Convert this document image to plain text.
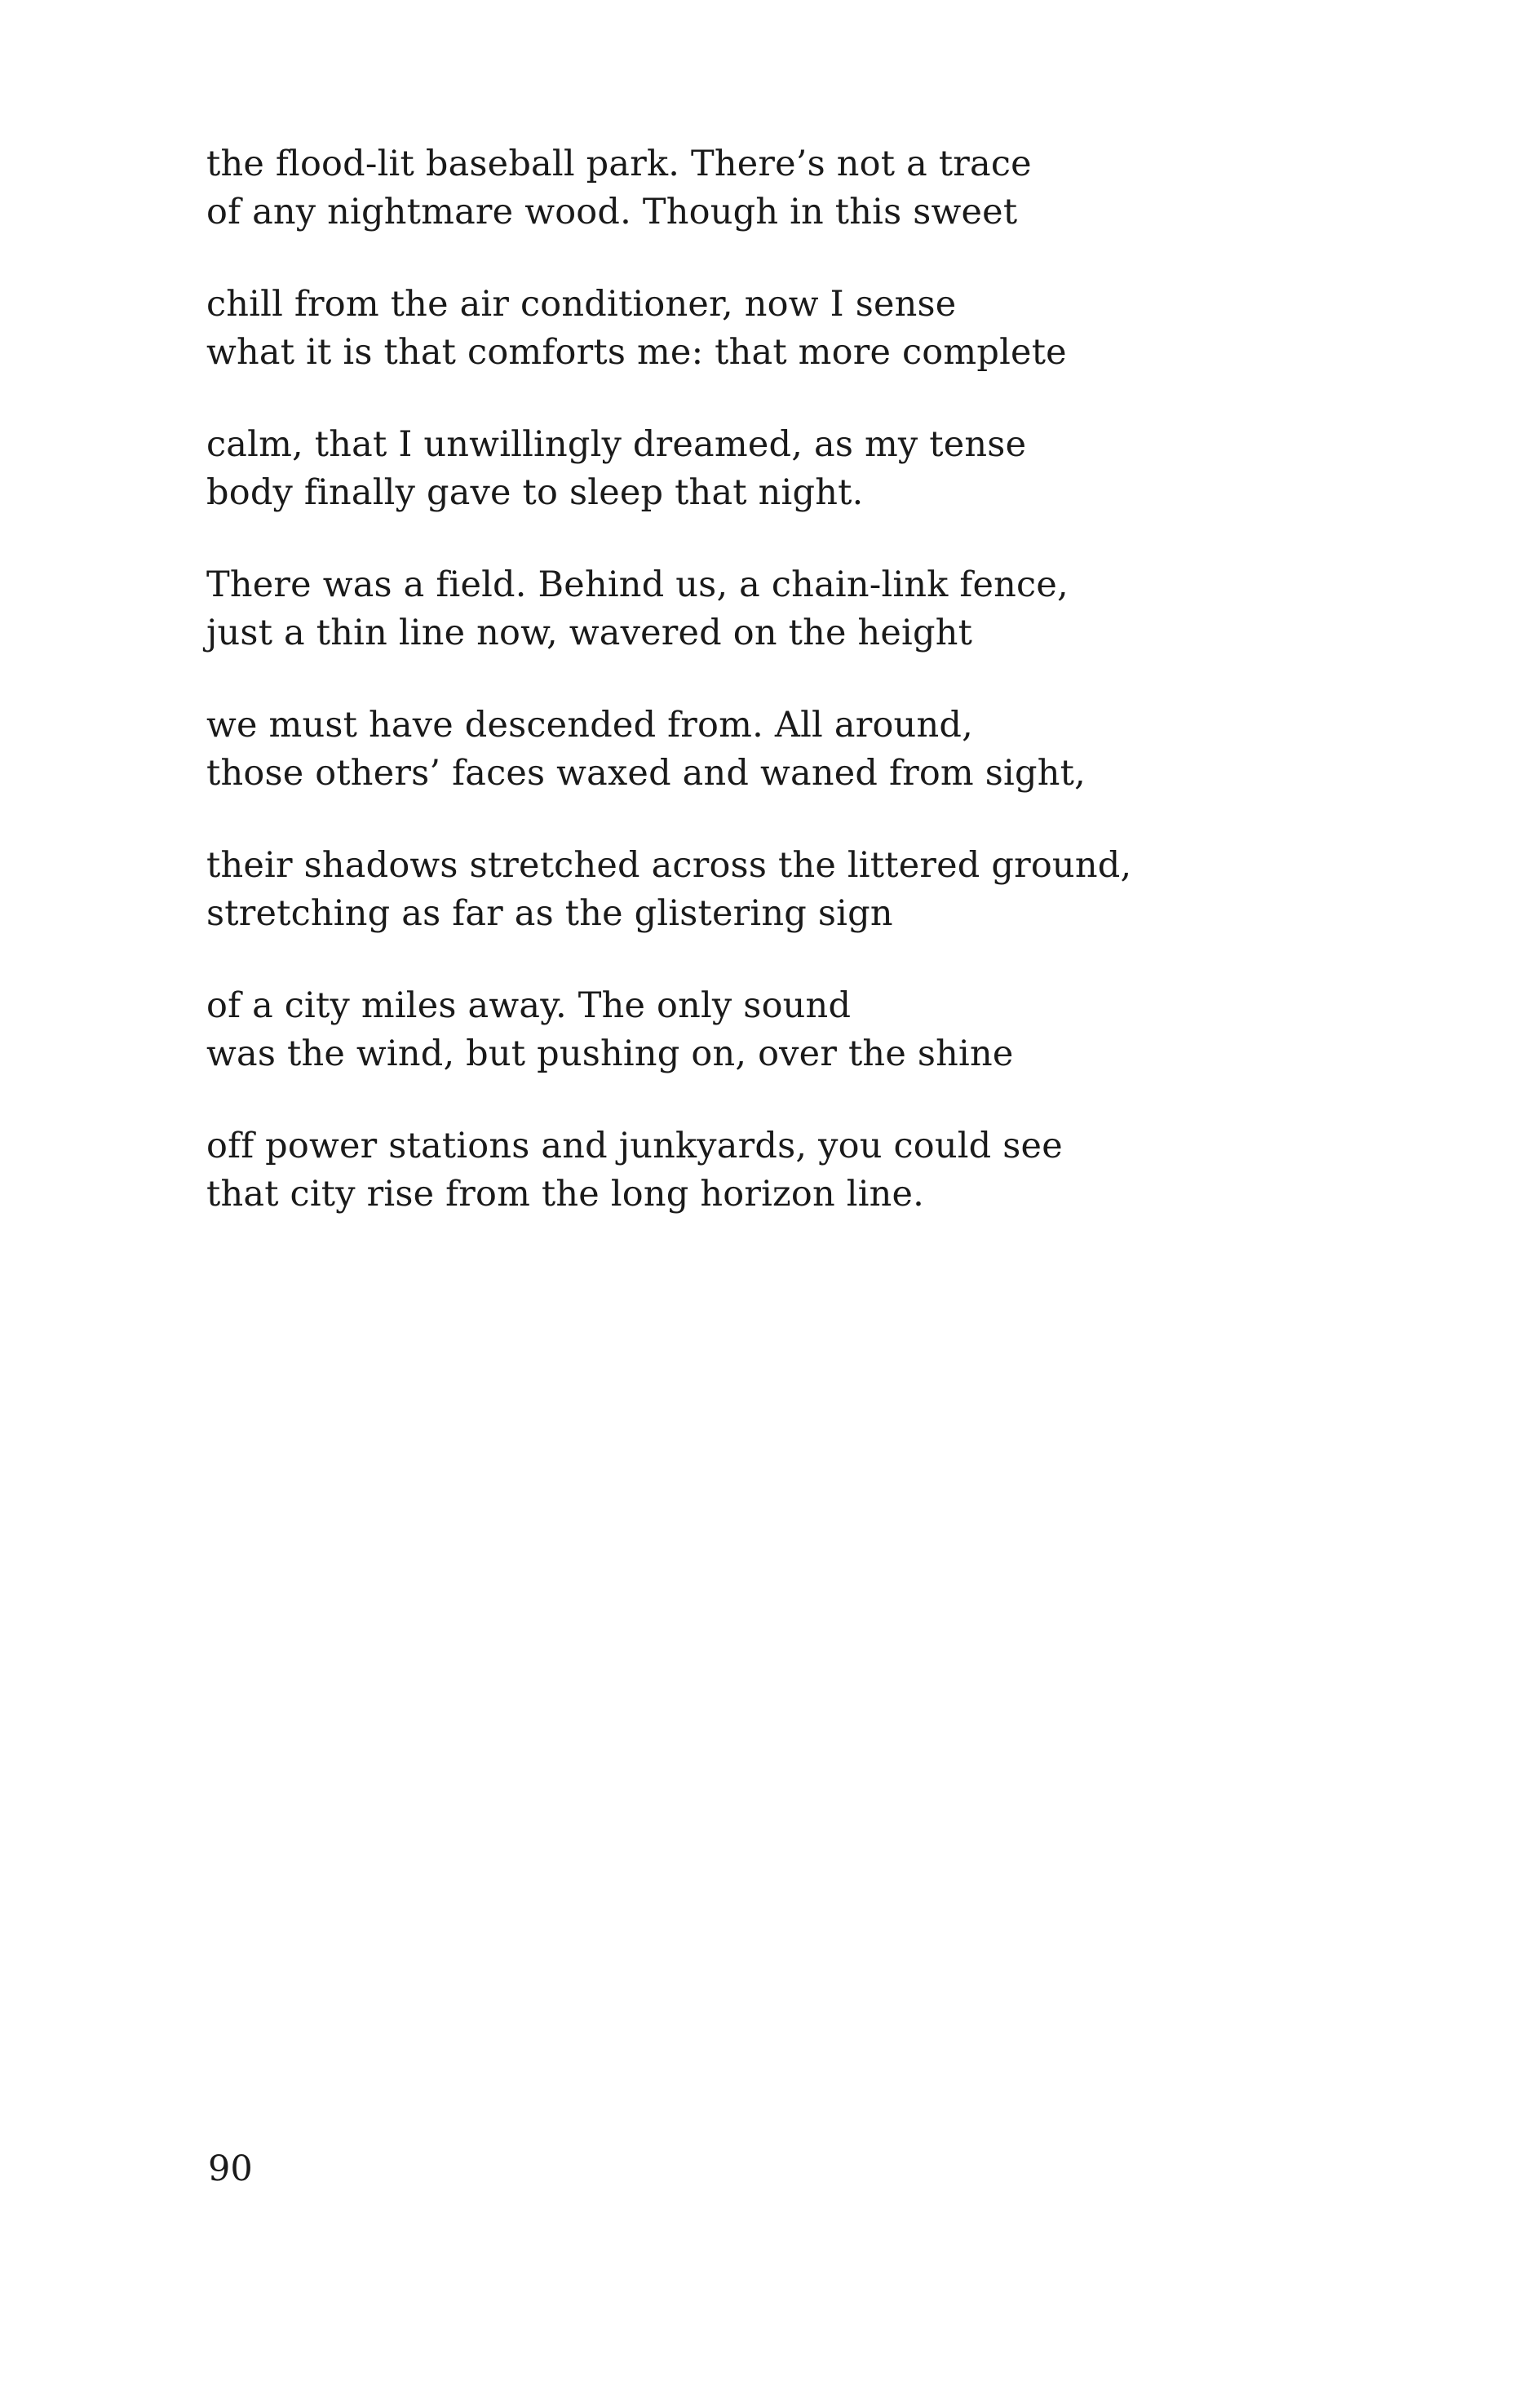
the flood-lit baseball park. There’s not a trace
of any nightmare wood. Though in this sweet
chill from the air conditioner, now I sense
what it is that comforts me: that more complete
calm, that I unwillingly dreamed, as my tense
body finally gave to sleep that night.
There was a field. Behind us, a chain-link fence,
just a thin line now, wavered on the height
we must have descended from. All around,
those others’ faces waxed and waned from sight,
their shadows stretched across the littered ground,
stretching as far as the glistering sign
of a city miles away. The only sound
was the wind, but pushing on, over the shine
off power stations and junkyards, you could see
that city rise from the long horizon line.
90
